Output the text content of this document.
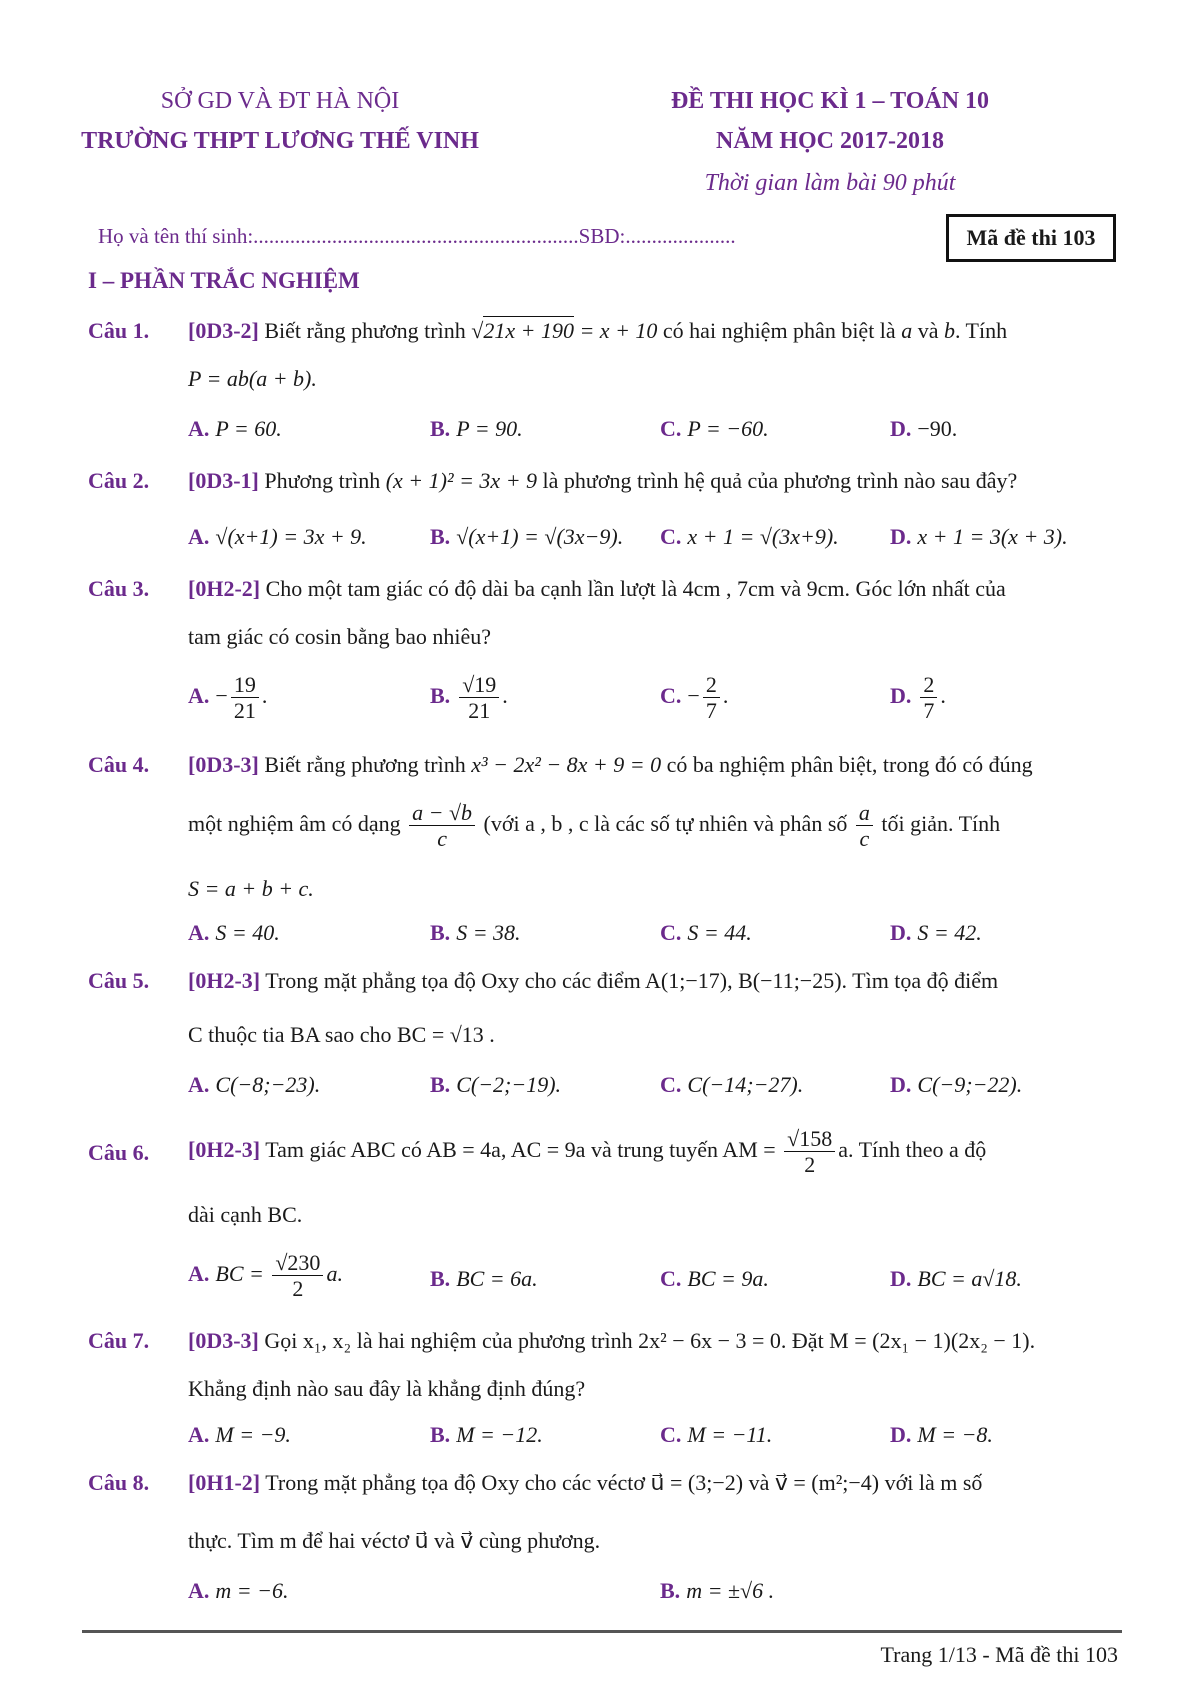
SỞ GD VÀ ĐT HÀ NỘI
TRƯỜNG THPT LƯƠNG THẾ VINH
ĐỀ THI HỌC KÌ 1 – TOÁN 10
NĂM HỌC 2017-2018
Thời gian làm bài 90 phút
Họ và tên thí sinh:..............................................................SBD:.....................	Mã đề thi 103
I – PHẦN TRẮC NGHIỆM
Câu 1. [0D3-2] Biết rằng phương trình √21x + 190 = x + 10 có hai nghiệm phân biệt là a và b. Tính
P = ab(a + b).
A. P = 60.	B. P = 90.	C. P = −60.	D. −90.
Câu 2. [0D3-1] Phương trình (x + 1)² = 3x + 9 là phương trình hệ quả của phương trình nào sau đây?
A. √(x+1) = 3x + 9.	B. √(x+1) = √(3x−9). C. x + 1 = √(3x+9). D. x + 1 = 3(x + 3).
Câu 3. [0H2-2] Cho một tam giác có độ dài ba cạnh lần lượt là 4cm , 7cm và 9cm. Góc lớn nhất của
tam giác có cosin bằng bao nhiêu?
A. − $\frac{19}{21}$ .	B. $\frac{√19}{21}$ .	C. − $\frac{2}{7}$ .	D. $\frac{2}{7}$ .
Câu 4. [0D3-3] Biết rằng phương trình x³ − 2x² − 8x + 9 = 0 có ba nghiệm phân biệt, trong đó có đúng
một nghiệm âm có dạng $\frac{a - √b}{c}$ (với a , b , c là các số tự nhiên và phân số $\frac{a}{c}$ tối giản. Tính
S = a + b + c.
A. S = 40.	B. S = 38.	C. S = 44.	D. S = 42.
Câu 5. [0H2-3] Trong mặt phẳng tọa độ Oxy cho các điểm A(1;−17), B(−11;−25). Tìm tọa độ điểm
C thuộc tia BA sao cho BC = √13 .
A. C(−8;−23).	B. C(−2;−19).	C. C(−14;−27).	D. C(−9;−22).
Câu 6. [0H2-3] Tam giác ABC có AB = 4a, AC = 9a và trung tuyến AM = $\frac{√158}{2} a$. Tính theo a độ
dài cạnh BC.
A. BC = $\frac{√230}{2} a$.	B. BC = 6a.	C. BC = 9a.	D. BC = a√18.
Câu 7. [0D3-3] Gọi x₁, x₂ là hai nghiệm của phương trình 2x² − 6x − 3 = 0. Đặt M = (2x₁ − 1)(2x₂ − 1).
Khẳng định nào sau đây là khẳng định đúng?
A. M = −9.	B. M = −12.	C. M = −11.	D. M = −8.
Câu 8. [0H1-2] Trong mặt phẳng tọa độ Oxy cho các véctơ u⃗ = (3;−2) và v⃗ = (m²;−4) với là m số
thực. Tìm m để hai véctơ u⃗ và v⃗ cùng phương.
A. m = −6.	B. m = ±√6 .
Trang 1/13 - Mã đề thi 103
